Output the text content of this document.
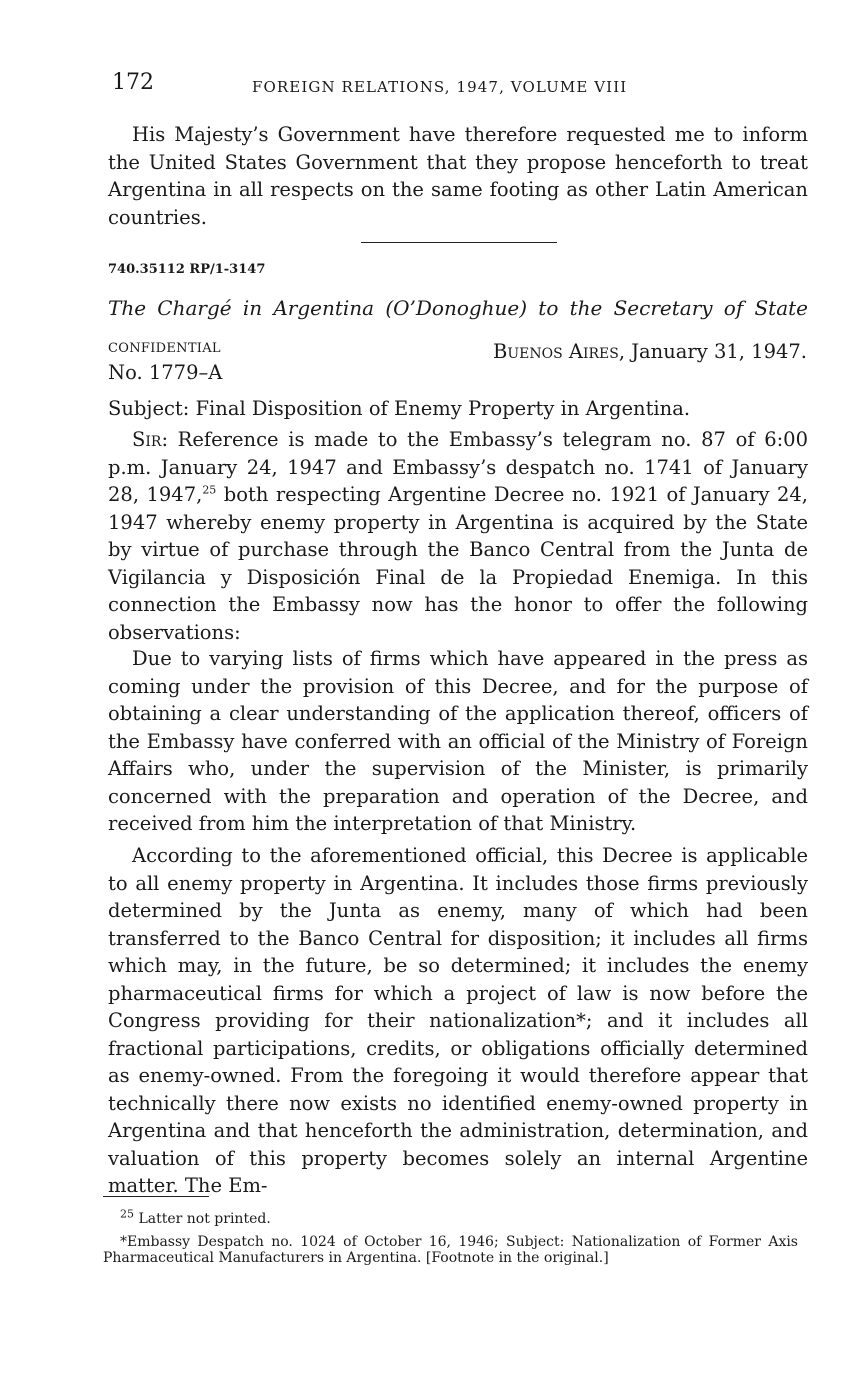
172	FOREIGN RELATIONS, 1947, VOLUME VIII

His Majesty’s Government have therefore requested me to inform the United States Government that they propose henceforth to treat Argentina in all respects on the same footing as other Latin American countries.

740.35112 RP/1-3147
The Chargé in Argentina (O’Donoghue) to the Secretary of State
CONFIDENTIAL	Buenos Aires, January 31, 1947.
No. 1779–A
Subject: Final Disposition of Enemy Property in Argentina.

Sir: Reference is made to the Embassy’s telegram no. 87 of 6:00 p.m. January 24, 1947 and Embassy’s despatch no. 1741 of January 28, 1947,25 both respecting Argentine Decree no. 1921 of January 24, 1947 whereby enemy property in Argentina is acquired by the State by virtue of purchase through the Banco Central from the Junta de Vigilancia y Disposición Final de la Propiedad Enemiga. In this connection the Embassy now has the honor to offer the following observations:

Due to varying lists of firms which have appeared in the press as coming under the provision of this Decree, and for the purpose of obtaining a clear understanding of the application thereof, officers of the Embassy have conferred with an official of the Ministry of Foreign Affairs who, under the supervision of the Minister, is primarily concerned with the preparation and operation of the Decree, and received from him the interpretation of that Ministry.

According to the aforementioned official, this Decree is applicable to all enemy property in Argentina. It includes those firms previously determined by the Junta as enemy, many of which had been transferred to the Banco Central for disposition; it includes all firms which may, in the future, be so determined; it includes the enemy pharmaceutical firms for which a project of law is now before the Congress providing for their nationalization*; and it includes all fractional participations, credits, or obligations officially determined as enemy-owned. From the foregoing it would therefore appear that technically there now exists no identified enemy-owned property in Argentina and that henceforth the administration, determination, and valuation of this property becomes solely an internal Argentine matter. The Em-

$^{25}$ Latter not printed.

*Embassy Despatch no. 1024 of October 16, 1946; Subject: Nationalization of Former Axis Pharmaceutical Manufacturers in Argentina. [Footnote in the original.]
